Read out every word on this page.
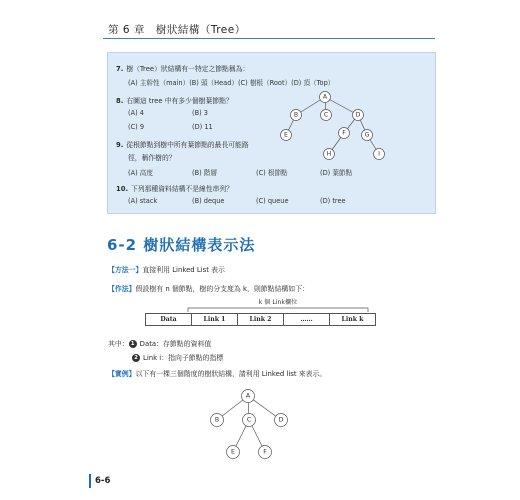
第 6 章　樹狀結構（Tree）
7. 樹（Tree）狀結構有一特定之節點稱為：
(A) 主幹性（main）(B) 頭（Head）(C) 樹根（Root）(D) 頂（Top）
8. 右圖這 tree 中有多少個樹葉節點？
(A) 4	(B) 3
(C) 9	(D) 11
9. 從根節點到樹中所有葉節點的最長可能路
徑，稱作樹的？
(A) 高度	(B) 階層	(C) 根節點	(D) 葉節點
10. 下列那種資料結構不是線性串列？
(A) stack	(B) deque	(C) queue	(D) tree
A
B	C	D
E	F	G
H	I
6-2 樹狀結構表示法
【方法一】直接利用 Linked List 表示
【作法】假設樹有 n 個節點，樹的分支度為 k，則節點結構如下：
k 個 Link欄位
Data	Link 1	Link 2	……	Link k
其中： 1 Data：存節點的資料值
2 Link i：指向子節點的指標
【實例】以下有一棵三個階度的樹狀結構，請利用 Linked list 來表示。
A
B	C	D
E	F
6-6
